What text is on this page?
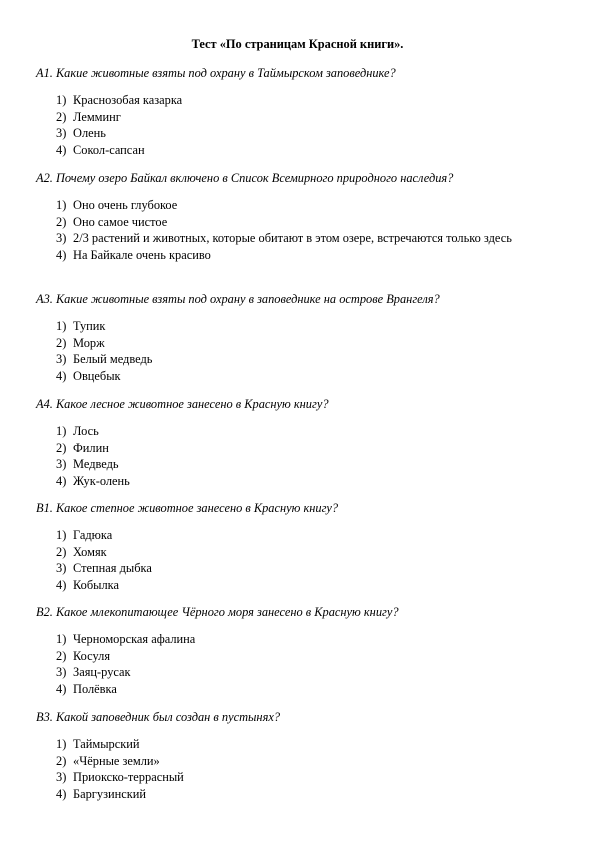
Тест «По страницам Красной книги».

А1. Какие животные взяты под охрану в Таймырском заповеднике?

1) Краснозобая казарка
2) Лемминг
3) Олень
4) Сокол-сапсан

А2. Почему озеро Байкал включено в Список Всемирного природного наследия?

1) Оно очень глубокое
2) Оно самое чистое
3) 2/3 растений и животных, которые обитают в этом озере, встречаются только здесь
4) На Байкале очень красиво

А3. Какие животные взяты под охрану в заповеднике на острове Врангеля?

1) Тупик
2) Морж
3) Белый медведь
4) Овцебык

А4. Какое лесное животное занесено в Красную книгу?

1) Лось
2) Филин
3) Медведь
4) Жук-олень

В1. Какое степное животное занесено в Красную книгу?

1) Гадюка
2) Хомяк
3) Степная дыбка
4) Кобылка

В2. Какое млекопитающее Чёрного моря занесено в Красную книгу?

1) Черноморская афалина
2) Косуля
3) Заяц-русак
4) Полёвка

В3. Какой заповедник был создан в пустынях?

1) Таймырский
2) «Чёрные земли»
3) Приокско-террасный
4) Баргузинский
